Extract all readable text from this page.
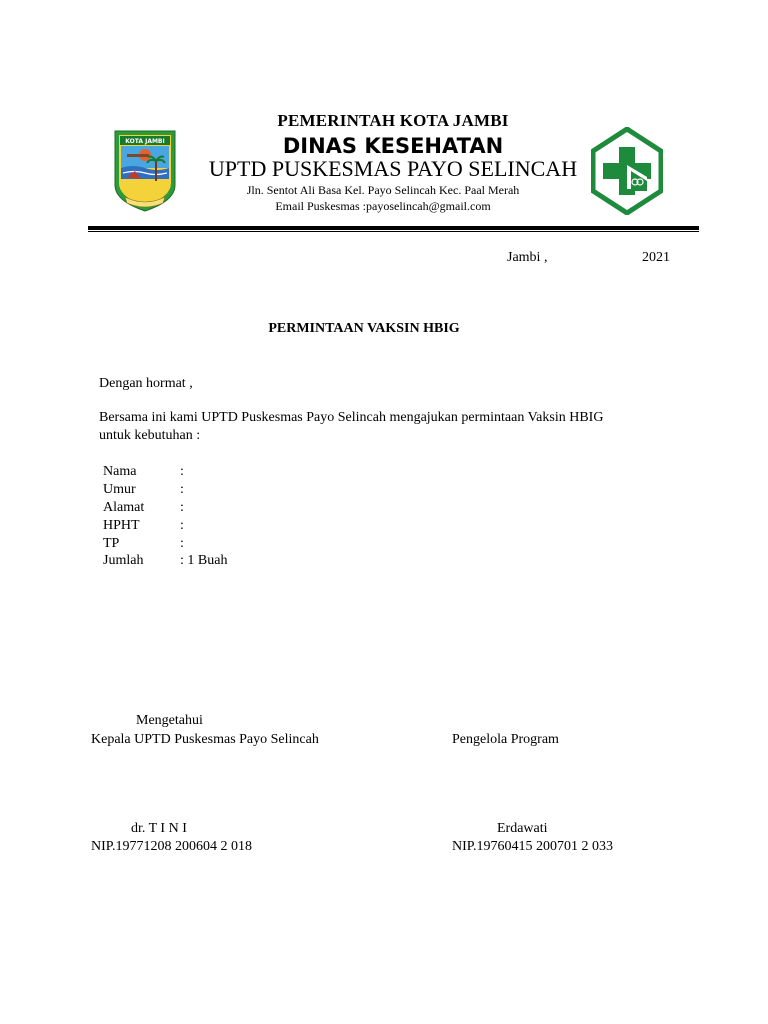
KOTA JAMBI
PEMERINTAH KOTA JAMBI
DINAS KESEHATAN
UPTD PUSKESMAS PAYO SELINCAH
Jln. Sentot Ali Basa Kel. Payo Selincah Kec. Paal Merah
Email Puskesmas :payoselincah@gmail.com
Jambi ,	2021
PERMINTAAN VAKSIN HBIG
Dengan hormat ,
Bersama ini kami UPTD Puskesmas Payo Selincah mengajukan permintaan Vaksin HBIG
untuk kebutuhan :
Nama	:
Umur	:
Alamat	:
HPHT	:
TP	:
Jumlah	: 1 Buah
Mengetahui
Kepala UPTD Puskesmas Payo Selincah	Pengelola Program
dr. T I N I	Erdawati
NIP.19771208 200604 2 018	NIP.19760415 200701 2 033
